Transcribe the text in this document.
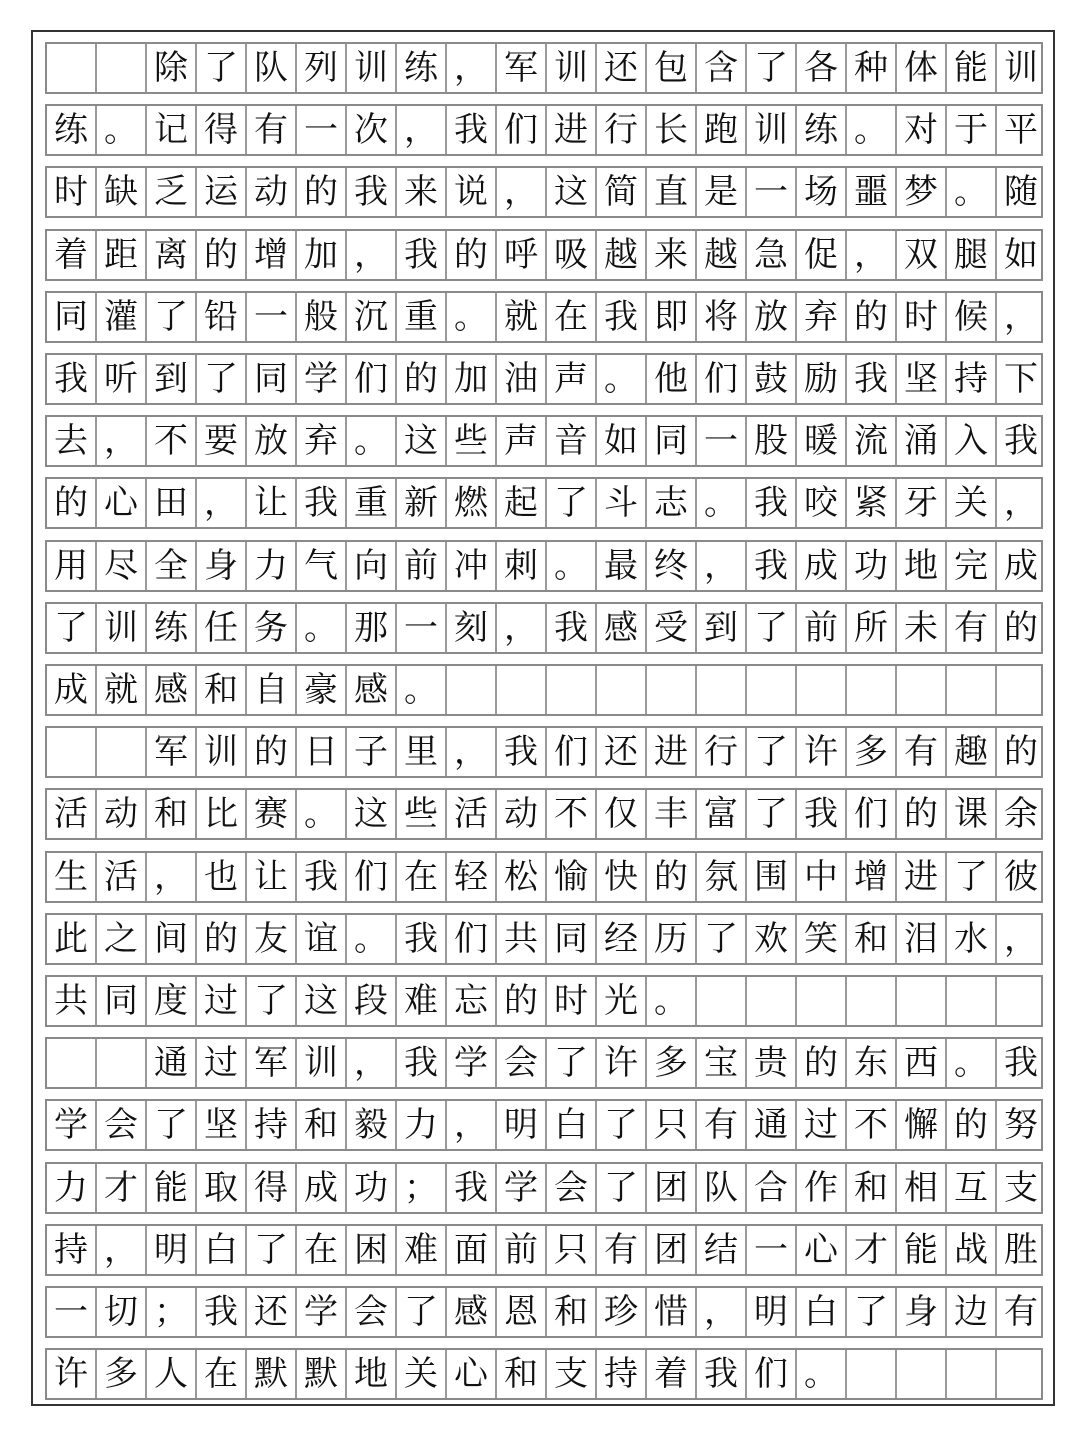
除 了 队 列 训 练 ， 军 训 还 包 含 了 各 种 体 能 训
练 。 记 得 有 一 次 ， 我 们 进 行 长 跑 训 练 。 对 于 平
时 缺 乏 运 动 的 我 来 说 ， 这 简 直 是 一 场 噩 梦 。 随
着 距 离 的 增 加 ， 我 的 呼 吸 越 来 越 急 促 ， 双 腿 如
同 灌 了 铅 一 般 沉 重 。 就 在 我 即 将 放 弃 的 时 候 ，
我 听 到 了 同 学 们 的 加 油 声 。 他 们 鼓 励 我 坚 持 下
去 ， 不 要 放 弃 。 这 些 声 音 如 同 一 股 暖 流 涌 入 我
的 心 田 ， 让 我 重 新 燃 起 了 斗 志 。 我 咬 紧 牙 关 ，
用 尽 全 身 力 气 向 前 冲 刺 。 最 终 ， 我 成 功 地 完 成
了 训 练 任 务 。 那 一 刻 ， 我 感 受 到 了 前 所 未 有 的
成 就 感 和 自 豪 感 。
军 训 的 日 子 里 ， 我 们 还 进 行 了 许 多 有 趣 的
活 动 和 比 赛 。 这 些 活 动 不 仅 丰 富 了 我 们 的 课 余
生 活 ， 也 让 我 们 在 轻 松 愉 快 的 氛 围 中 增 进 了 彼
此 之 间 的 友 谊 。 我 们 共 同 经 历 了 欢 笑 和 泪 水 ，
共 同 度 过 了 这 段 难 忘 的 时 光 。
通 过 军 训 ， 我 学 会 了 许 多 宝 贵 的 东 西 。 我
学 会 了 坚 持 和 毅 力 ， 明 白 了 只 有 通 过 不 懈 的 努
力 才 能 取 得 成 功 ； 我 学 会 了 团 队 合 作 和 相 互 支
持 ， 明 白 了 在 困 难 面 前 只 有 团 结 一 心 才 能 战 胜
一 切 ； 我 还 学 会 了 感 恩 和 珍 惜 ， 明 白 了 身 边 有
许 多 人 在 默 默 地 关 心 和 支 持 着 我 们 。
